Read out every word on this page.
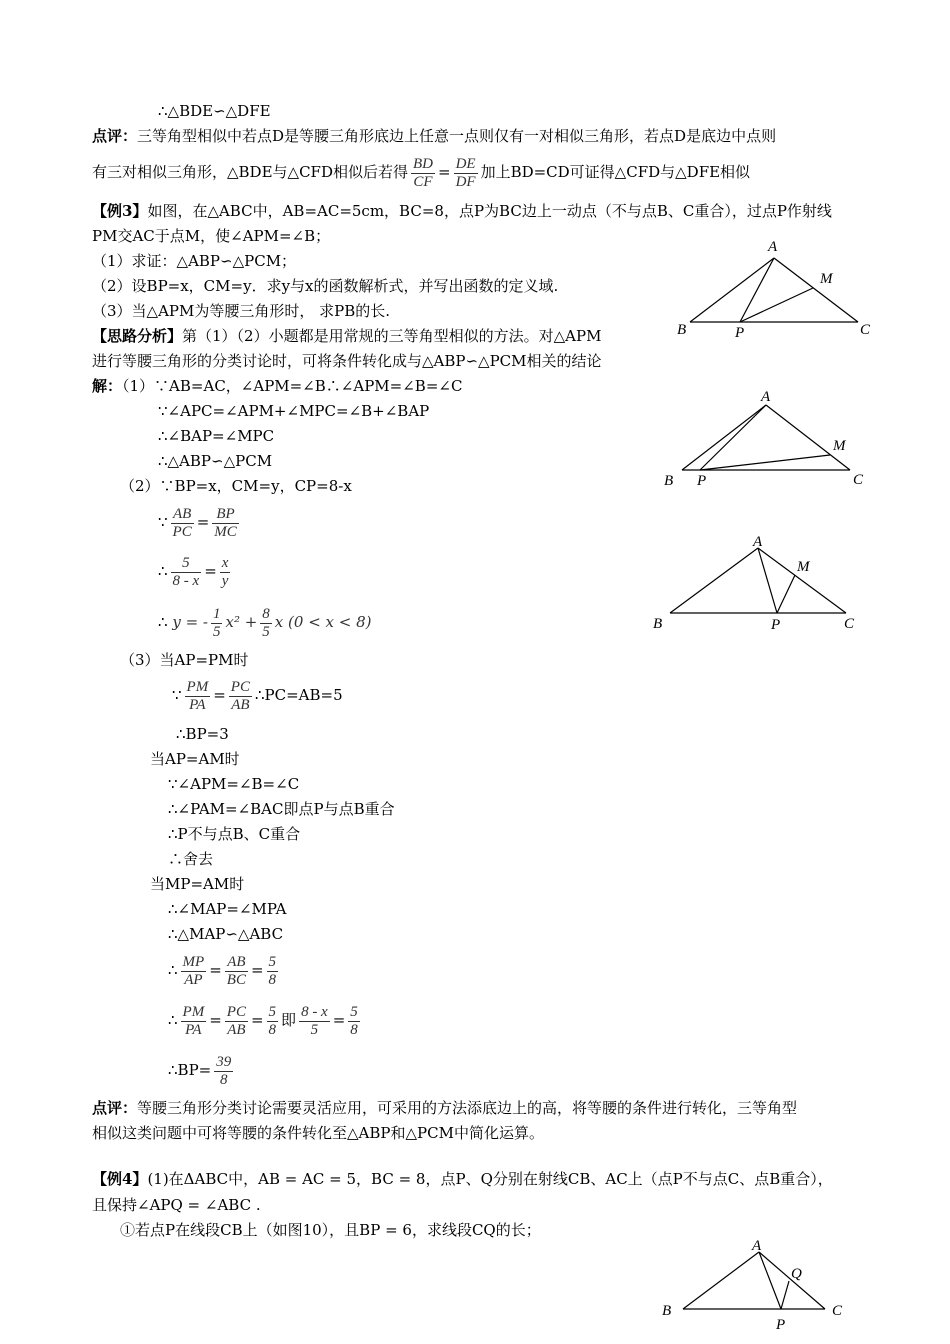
∴△BDE∽△DFE
点评：三等角型相似中若点D是等腰三角形底边上任意一点则仅有一对相似三角形，若点D是底边中点则
有三对相似三角形，△BDE与△CFD相似后若得 $\frac{BD}{CF} = \frac{DE}{DF}$ 加上BD=CD可证得△CFD与△DFE相似
【例3】如图，在△ABC中，AB=AC=5cm，BC=8，点P为BC边上一动点（不与点B、C重合），过点P作射线
PM交AC于点M，使∠APM=∠B；
（1）求证：△ABP∽△PCM；
（2）设BP=x，CM=y．求y与x的函数解析式，并写出函数的定义域.
（3）当△APM为等腰三角形时， 求PB的长.
【思路分析】第（1）（2）小题都是用常规的三等角型相似的方法。对△APM
进行等腰三角形的分类讨论时，可将条件转化成与△ABP∽△PCM相关的结论
解：（1）∵AB=AC，∠APM=∠B∴∠APM=∠B=∠C
∵∠APC=∠APM+∠MPC=∠B+∠BAP
∴∠BAP=∠MPC
∴△ABP∽△PCM
（2）∵BP=x，CM=y，CP=8-x
∵ $\frac{AB}{PC} = \frac{BP}{MC}$
∴ $\frac{5}{8 - x} = \frac{x}{y}$
∴ y = - $\frac{1}{5} x^2 + \frac{8}{5}$ x (0 < x < 8)
（3）当AP=PM时
∵ $\frac{PM}{PA} = \frac{PC}{AB}$ ∴PC=AB=5
∴BP=3
当AP=AM时
∵∠APM=∠B=∠C
∴∠PAM=∠BAC即点P与点B重合
∴P不与点B、C重合
∴舍去
当MP=AM时
∴∠MAP=∠MPA
∴△MAP∽△ABC
∴ $\frac{MP}{AP} = \frac{AB}{BC} = \frac{5}{8}$
∴ $\frac{PM}{PA} = \frac{PC}{AB} = \frac{5}{8}$ 即 $\frac{8 - x}{5} = \frac{5}{8}$
∴BP= $\frac{39}{8}$
点评：等腰三角形分类讨论需要灵活应用，可采用的方法添底边上的高，将等腰的条件进行转化，三等角型
相似这类问题中可将等腰的条件转化至△ABP和△PCM中简化运算。
【例4】(1)在ΔABC中，AB = AC = 5，BC = 8，点P、Q分别在射线CB、AC上（点P不与点C、点B重合），
且保持∠APQ = ∠ABC .
①若点P在线段CB上（如图10），且BP = 6，求线段CQ的长；
A
B	C
P
M
A
B	C
P
M
A
B	C
P
M
A
B	C
P
Q
